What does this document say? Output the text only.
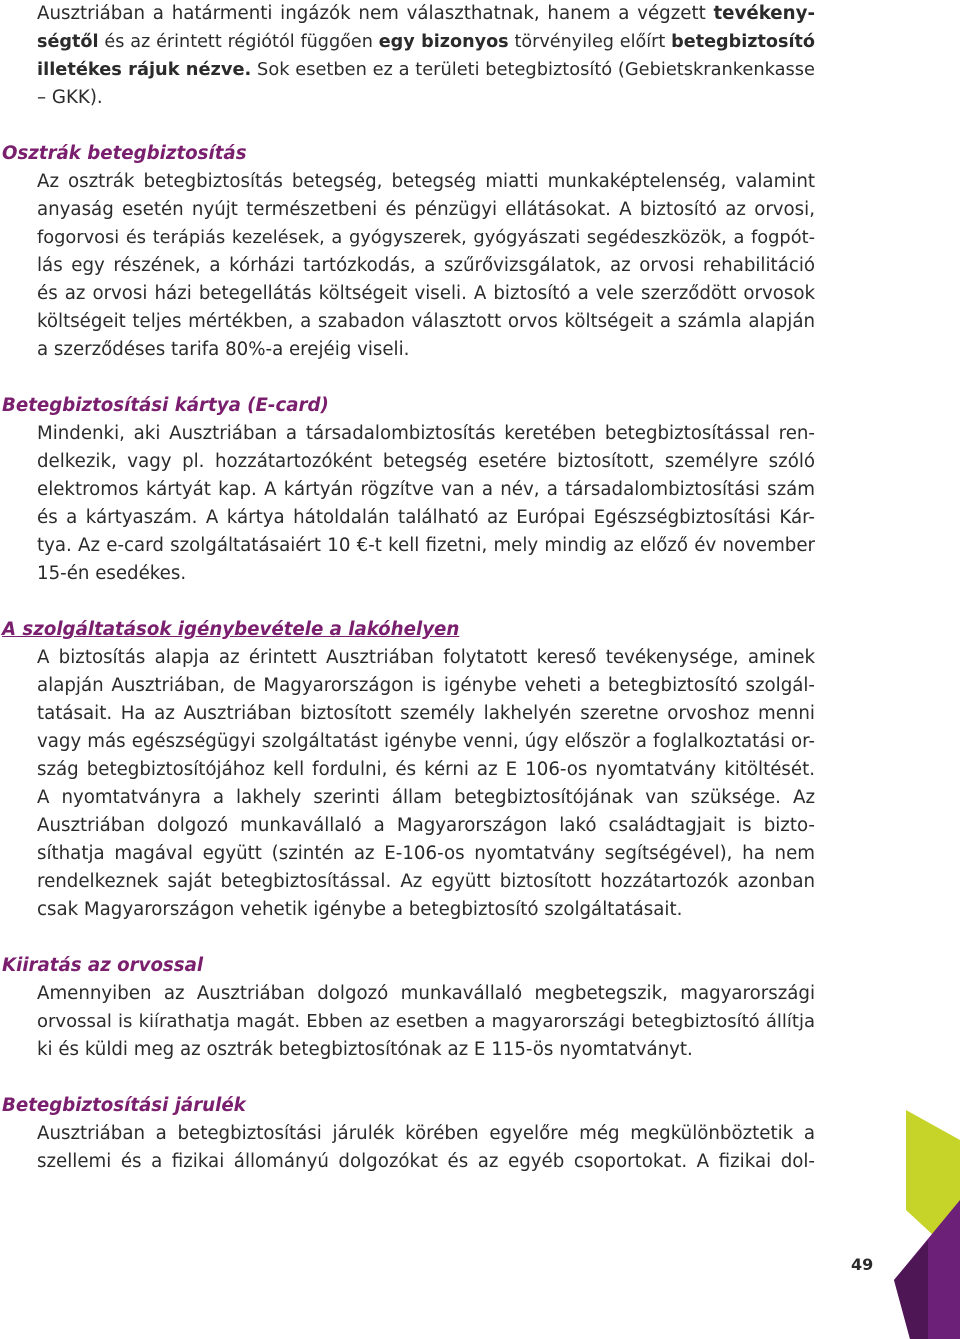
Ausztriában a határmenti ingázók nem választhatnak, hanem a végzett tevékeny-
ségtől és az érintett régiótól függően egy bizonyos törvényileg előírt betegbiztosító
illetékes rájuk nézve. Sok esetben ez a területi betegbiztosító (Gebietskrankenkasse
– GKK).
Osztrák betegbiztosítás
Az osztrák betegbiztosítás betegség, betegség miatti munkaképtelenség, valamint
anyaság esetén nyújt természetbeni és pénzügyi ellátásokat. A biztosító az orvosi,
fogorvosi és terápiás kezelések, a gyógyszerek, gyógyászati segédeszközök, a fogpót-
lás egy részének, a kórházi tartózkodás, a szűrővizsgálatok, az orvosi rehabilitáció
és az orvosi házi betegellátás költségeit viseli. A biztosító a vele szerződött orvosok
költségeit teljes mértékben, a szabadon választott orvos költségeit a számla alapján
a szerződéses tarifa 80%-a erejéig viseli.
Betegbiztosítási kártya (E-card)
Mindenki, aki Ausztriában a társadalombiztosítás keretében betegbiztosítással ren-
delkezik, vagy pl. hozzátartozóként betegség esetére biztosított, személyre szóló
elektromos kártyát kap. A kártyán rögzítve van a név, a társadalombiztosítási szám
és a kártyaszám. A kártya hátoldalán található az Európai Egészségbiztosítási Kár-
tya. Az e-card szolgáltatásaiért 10 €-t kell fizetni, mely mindig az előző év november
15-én esedékes.
A szolgáltatások igénybevétele a lakóhelyen
A biztosítás alapja az érintett Ausztriában folytatott kereső tevékenysége, aminek
alapján Ausztriában, de Magyarországon is igénybe veheti a betegbiztosító szolgál-
tatásait. Ha az Ausztriában biztosított személy lakhelyén szeretne orvoshoz menni
vagy más egészségügyi szolgáltatást igénybe venni, úgy először a foglalkoztatási or-
szág betegbiztosítójához kell fordulni, és kérni az E 106-os nyomtatvány kitöltését.
A nyomtatványra a lakhely szerinti állam betegbiztosítójának van szüksége. Az
Ausztriában dolgozó munkavállaló a Magyarországon lakó családtagjait is bizto-
síthatja magával együtt (szintén az E-106-os nyomtatvány segítségével), ha nem
rendelkeznek saját betegbiztosítással. Az együtt biztosított hozzátartozók azonban
csak Magyarországon vehetik igénybe a betegbiztosító szolgáltatásait.
Kiiratás az orvossal
Amennyiben az Ausztriában dolgozó munkavállaló megbetegszik, magyarországi
orvossal is kiírathatja magát. Ebben az esetben a magyarországi betegbiztosító állítja
ki és küldi meg az osztrák betegbiztosítónak az E 115-ös nyomtatványt.
Betegbiztosítási járulék
Ausztriában a betegbiztosítási járulék körében egyelőre még megkülönböztetik a
szellemi és a fizikai állományú dolgozókat és az egyéb csoportokat. A fizikai dol-
49
